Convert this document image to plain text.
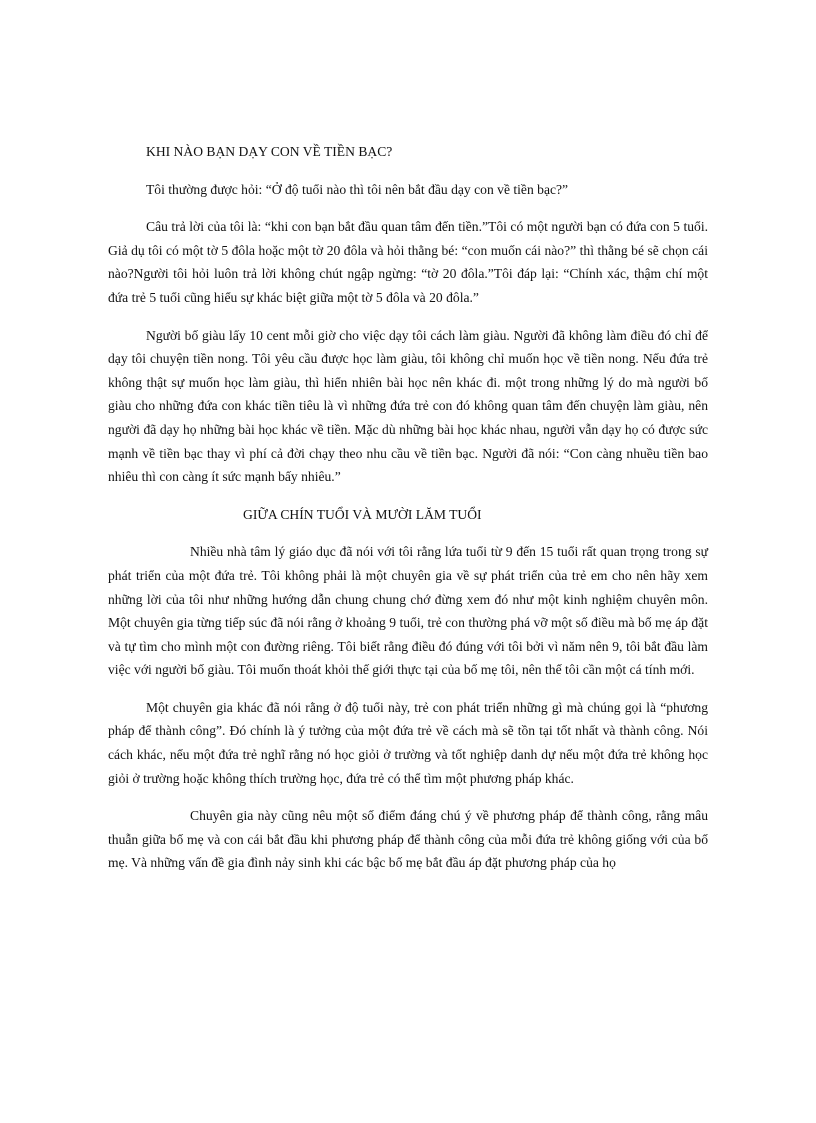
KHI NÀO BẠN DẠY CON VỀ TIỀN BẠC?

Tôi thường được hỏi: “Ở độ tuổi nào thì tôi nên bắt đầu dạy con về tiền bạc?”

Câu trả lời của tôi là: “khi con bạn bắt đầu quan tâm đến tiền.”Tôi có một người bạn có đứa con 5 tuổi. Giả dụ tôi có một tờ 5 đôla hoặc một tờ 20 đôla và hỏi thằng bé: “con muốn cái nào?” thì thằng bé sẽ chọn cái nào?Người tôi hỏi luôn trả lời không chút ngập ngừng: “tờ 20 đôla.”Tôi đáp lại: “Chính xác, thậm chí một đứa trẻ 5 tuổi cũng hiểu sự khác biệt giữa một tờ 5 đôla và 20 đôla.”

Người bố giàu lấy 10 cent mỗi giờ cho việc dạy tôi cách làm giàu. Người đã không làm điều đó chỉ để dạy tôi chuyện tiền nong. Tôi yêu cầu được học làm giàu, tôi không chỉ muốn học về tiền nong. Nếu đứa trẻ không thật sự muốn học làm giàu, thì hiển nhiên bài học nên khác đi. một trong những lý do mà người bố giàu cho những đứa con khác tiền tiêu là vì những đứa trẻ con đó không quan tâm đến chuyện làm giàu, nên người đã dạy họ những bài học khác về tiền. Mặc dù những bài học khác nhau, người vẫn dạy họ có được sức mạnh về tiền bạc thay vì phí cả đời chạy theo nhu cầu về tiền bạc. Người đã nói: “Con càng nhuều tiền bao nhiêu thì con càng ít sức mạnh bấy nhiêu.”

GIỮA CHÍN TUỔI VÀ MƯỜI LĂM TUỔI

Nhiều nhà tâm lý giáo dục đã nói với tôi rằng lứa tuổi từ 9 đến 15 tuổi rất quan trọng trong sự phát triển của một đứa trẻ. Tôi không phải là một chuyên gia về sự phát triển của trẻ em cho nên hãy xem những lời của tôi như những hướng dẫn chung chung chớ đừng xem đó như một kinh nghiệm chuyên môn. Một chuyên gia từng tiếp súc đã nói rằng ở khoảng 9 tuổi, trẻ con thường phá vỡ một số điều mà bố mẹ áp đặt và tự tìm cho mình một con đường riêng. Tôi biết rằng điều đó đúng với tôi bởi vì năm nên 9, tôi bắt đầu làm việc với người bố giàu. Tôi muốn thoát khỏi thế giới thực tại của bố mẹ tôi, nên thế tôi cần một cá tính mới.

Một chuyên gia khác đã nói rằng ở độ tuổi này, trẻ con phát triển những gì mà chúng gọi là “phương pháp để thành công”. Đó chính là ý tưởng của một đứa trẻ về cách mà sẽ tồn tại tốt nhất và thành công. Nói cách khác, nếu một đứa trẻ nghĩ rằng nó học giỏi ở trường và tốt nghiệp danh dự nếu một đứa trẻ không học giỏi ở trường hoặc không thích trường học, đứa trẻ có thể tìm một phương pháp khác.

Chuyên gia này cũng nêu một số điểm đáng chú ý về phương pháp để thành công, rằng mâu thuẫn giữa bố mẹ và con cái bắt đầu khi phương pháp để thành công của mỗi đứa trẻ không giống với của bố mẹ. Và những vấn đề gia đình nảy sinh khi các bậc bố mẹ bắt đầu áp đặt phương pháp của họ
